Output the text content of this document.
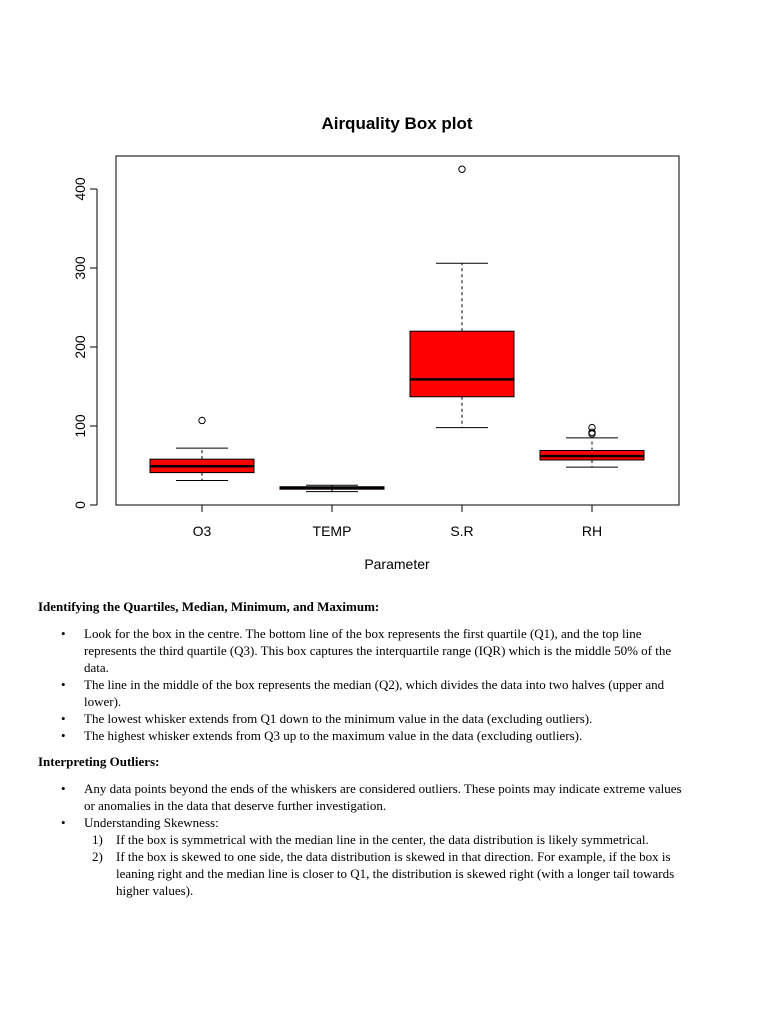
Airquality Box plot
0
100
200
300
400
O3	TEMP	S.R	RH
Parameter

Identifying the Quartiles, Median, Minimum, and Maximum:

• Look for the box in the centre. The bottom line of the box represents the first quartile (Q1), and the top line represents the third quartile (Q3). This box captures the interquartile range (IQR) which is the middle 50% of the data.
• The line in the middle of the box represents the median (Q2), which divides the data into two halves (upper and lower).
• The lowest whisker extends from Q1 down to the minimum value in the data (excluding outliers).
• The highest whisker extends from Q3 up to the maximum value in the data (excluding outliers).

Interpreting Outliers:

• Any data points beyond the ends of the whiskers are considered outliers. These points may indicate extreme values or anomalies in the data that deserve further investigation.
• Understanding Skewness:
1) If the box is symmetrical with the median line in the center, the data distribution is likely symmetrical.
2) If the box is skewed to one side, the data distribution is skewed in that direction. For example, if the box is leaning right and the median line is closer to Q1, the distribution is skewed right (with a longer tail towards higher values).
